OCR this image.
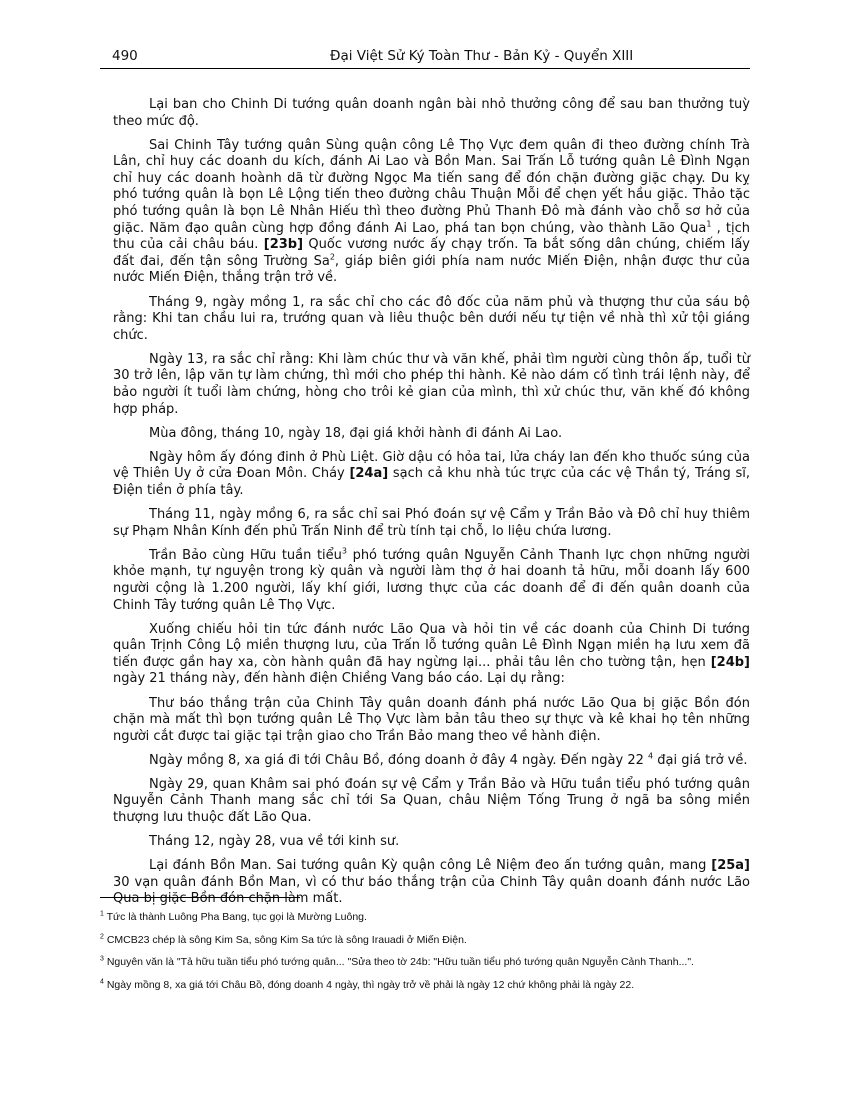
490	Đại Việt Sử Ký Toàn Thư - Bản Kỷ - Quyển XIII

Lại ban cho Chinh Di tướng quân doanh ngân bài nhỏ thưởng công để sau ban thưởng tuỳ theo mức độ.

Sai Chinh Tây tướng quân Sùng quận công Lê Thọ Vực đem quân đi theo đường chính Trà Lân, chỉ huy các doanh du kích, đánh Ai Lao và Bồn Man. Sai Trấn Lỗ tướng quân Lê Đình Ngạn chỉ huy các doanh hoành dã từ đường Ngọc Ma tiến sang để đón chặn đường giặc chạy. Du kỵ phó tướng quân là bọn Lê Lộng tiến theo đường châu Thuận Mỗi để chẹn yết hầu giặc. Thảo tặc phó tướng quân là bọn Lê Nhân Hiếu thì theo đường Phủ Thanh Đô mà đánh vào chỗ sơ hở của giặc. Năm đạo quân cùng hợp đồng đánh Ai Lao, phá tan bọn chúng, vào thành Lão Qua$^1$ , tịch thu của cải châu báu. [23b] Quốc vương nước ấy chạy trốn. Ta bắt sống dân chúng, chiếm lấy đất đai, đến tận sông Trường Sa$^2$, giáp biên giới phía nam nước Miến Điện, nhận được thư của nước Miến Điện, thắng trận trở về.

Tháng 9, ngày mồng 1, ra sắc chỉ cho các đô đốc của năm phủ và thượng thư của sáu bộ rằng: Khi tan chầu lui ra, trướng quan và liêu thuộc bên dưới nếu tự tiện về nhà thì xử tội giáng chức.

Ngày 13, ra sắc chỉ rằng: Khi làm chúc thư và văn khế, phải tìm người cùng thôn ấp, tuổi từ 30 trở lên, lập văn tự làm chứng, thì mới cho phép thi hành. Kẻ nào dám cố tình trái lệnh này, để bảo người ít tuổi làm chứng, hòng cho trôi kẻ gian của mình, thì xử chúc thư, văn khế đó không hợp pháp.

Mùa đông, tháng 10, ngày 18, đại giá khởi hành đi đánh Ai Lao.

Ngày hôm ấy đóng đinh ở Phù Liệt. Giờ dậu có hỏa tai, lửa cháy lan đến kho thuốc súng của vệ Thiên Uy ở cửa Đoan Môn. Cháy [24a] sạch cả khu nhà túc trực của các vệ Thần tý, Tráng sĩ, Điện tiền ở phía tây.

Tháng 11, ngày mồng 6, ra sắc chỉ sai Phó đoán sự vệ Cẩm y Trần Bảo và Đô chỉ huy thiêm sự Phạm Nhân Kính đến phủ Trấn Ninh để trù tính tại chỗ, lo liệu chứa lương.

Trần Bảo cùng Hữu tuần tiểu$^3$ phó tướng quân Nguyễn Cảnh Thanh lực chọn những người khỏe mạnh, tự nguyện trong kỳ quân và người làm thợ ở hai doanh tả hữu, mỗi doanh lấy 600 người cộng là 1.200 người, lấy khí giới, lương thực của các doanh để đi đến quân doanh của Chinh Tây tướng quân Lê Thọ Vực.

Xuống chiếu hỏi tin tức đánh nước Lão Qua và hỏi tin về các doanh của Chinh Di tướng quân Trịnh Công Lộ miền thượng lưu, của Trấn lỗ tướng quân Lê Đình Ngạn miền hạ lưu xem đã tiến được gần hay xa, còn hành quân đã hay ngừng lại... phải tâu lên cho tường tận, hẹn [24b] ngày 21 tháng này, đến hành điện Chiềng Vang báo cáo. Lại dụ rằng:

Thư báo thắng trận của Chinh Tây quân doanh đánh phá nước Lão Qua bị giặc Bồn đón chặn mà mất thì bọn tướng quân Lê Thọ Vực làm bản tâu theo sự thực và kê khai họ tên những người cắt được tai giặc tại trận giao cho Trần Bảo mang theo về hành điện.

Ngày mồng 8, xa giá đi tới Châu Bồ, đóng doanh ở đây 4 ngày. Đến ngày 22 $^4$ đại giá trở về.

Ngày 29, quan Khâm sai phó đoán sự vệ Cẩm y Trần Bảo và Hữu tuần tiểu phó tướng quân Nguyễn Cảnh Thanh mang sắc chỉ tới Sa Quan, châu Niệm Tống Trung ở ngã ba sông miền thượng lưu thuộc đất Lão Qua.

Tháng 12, ngày 28, vua về tới kinh sư.

Lại đánh Bồn Man. Sai tướng quân Kỳ quận công Lê Niệm đeo ấn tướng quân, mang [25a] 30 vạn quân đánh Bồn Man, vì có thư báo thắng trận của Chinh Tây quân doanh đánh nước Lão Qua bị giặc Bồn đón chặn làm mất.

$^1$ Tức là thành Luông Pha Bang, tục gọi là Mường Luông.
$^2$ CMCB23 chép là sông Kim Sa, sông Kim Sa tức là sông Irauadi ở Miến Điện.
$^3$ Nguyên văn là "Tả hữu tuần tiểu phó tướng quân... "Sửa theo tờ 24b: "Hữu tuần tiểu phó tướng quân Nguyễn Cảnh Thanh...".
$^4$ Ngày mồng 8, xa giá tới Châu Bồ, đóng doanh 4 ngày, thì ngày trở về phải là ngày 12 chứ không phải là ngày 22.
